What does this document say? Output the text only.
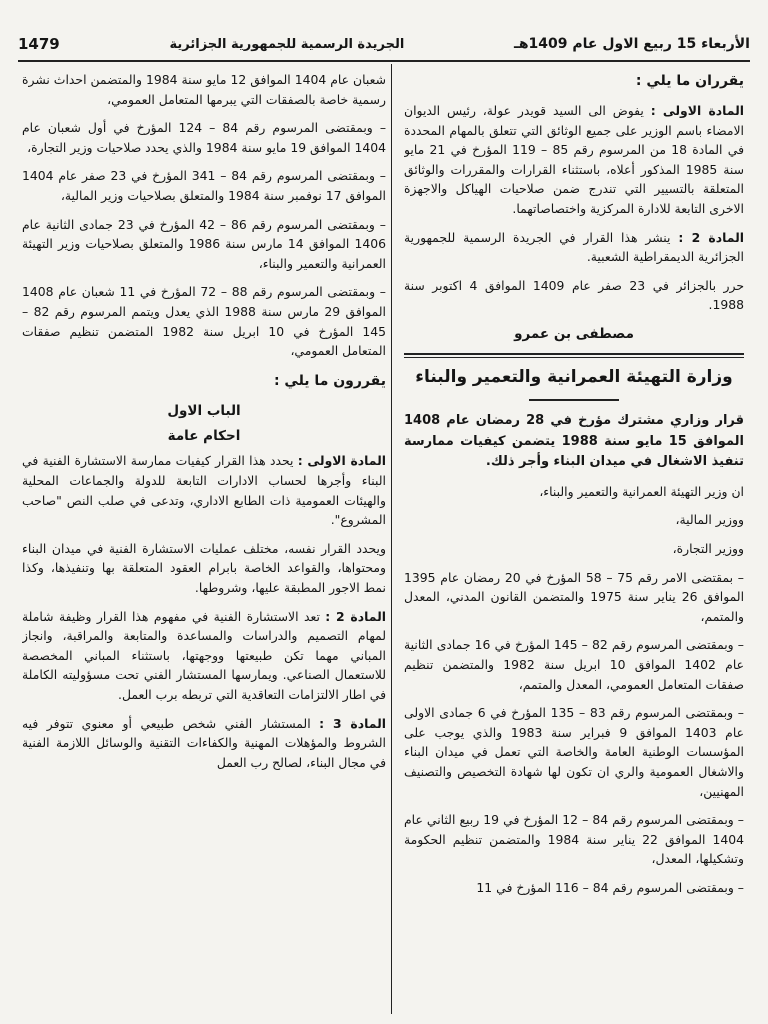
1479	الجريدة الرسمية للجمهورية الجزائرية	الأربعاء 15 ربيع الاول عام 1409هـ

يقرران ما يلي :

المادة الاولى : يفوض الى السيد قويدر عولة، رئيس الديوان الامضاء باسم الوزير على جميع الوثائق التي تتعلق بالمهام المحددة في المادة 18 من المرسوم رقم 85 – 119 المؤرخ في 21 مايو سنة 1985 المذكور أعلاه، باستثناء القرارات والمقررات والوثائق المتعلقة بالتسيير التي تندرج ضمن صلاحيات الهياكل والاجهزة الاخرى التابعة للادارة المركزية واختصاصاتهما.

المادة 2 : ينشر هذا القرار في الجريدة الرسمية للجمهورية الجزائرية الديمقراطية الشعبية.

حرر بالجزائر في 23 صفر عام 1409 الموافق 4 اكتوبر سنة 1988.

مصطفى بن عمرو
وزارة التهيئة العمرانية والتعمير والبناء

قرار وزاري مشترك مؤرخ في 28 رمضان عام 1408 الموافق 15 مايو سنة 1988 يتضمن كيفيات ممارسة تنفيذ الاشغال في ميدان البناء وأجر ذلك.

ان وزير التهيئة العمرانية والتعمير والبناء،

ووزير المالية،

ووزير التجارة،

– بمقتضى الامر رقم 75 – 58 المؤرخ في 20 رمضان عام 1395 الموافق 26 يناير سنة 1975 والمتضمن القانون المدني، المعدل والمتمم،

– وبمقتضى المرسوم رقم 82 – 145 المؤرخ في 16 جمادى الثانية عام 1402 الموافق 10 ابريل سنة 1982 والمتضمن تنظيم صفقات المتعامل العمومي، المعدل والمتمم،

– وبمقتضى المرسوم رقم 83 – 135 المؤرخ في 6 جمادى الاولى عام 1403 الموافق 9 فبراير سنة 1983 والذي يوجب على المؤسسات الوطنية العامة والخاصة التي تعمل في ميدان البناء والاشغال العمومية والري ان تكون لها شهادة التخصيص والتصنيف المهنيين،

– وبمقتضى المرسوم رقم 84 – 12 المؤرخ في 19 ربيع الثاني عام 1404 الموافق 22 يناير سنة 1984 والمتضمن تنظيم الحكومة وتشكيلها، المعدل،

– وبمقتضى المرسوم رقم 84 – 116 المؤرخ في 11

شعبان عام 1404 الموافق 12 مايو سنة 1984 والمتضمن احداث نشرة رسمية خاصة بالصفقات التي يبرمها المتعامل العمومي،

– وبمقتضى المرسوم رقم 84 – 124 المؤرخ في أول شعبان عام 1404 الموافق 19 مايو سنة 1984 والذي يحدد صلاحيات وزير التجارة،

– وبمقتضى المرسوم رقم 84 – 341 المؤرخ في 23 صفر عام 1404 الموافق 17 نوفمبر سنة 1984 والمتعلق بصلاحيات وزير المالية،

– وبمقتضى المرسوم رقم 86 – 42 المؤرخ في 23 جمادى الثانية عام 1406 الموافق 14 مارس سنة 1986 والمتعلق بصلاحيات وزير التهيئة العمرانية والتعمير والبناء،

– وبمقتضى المرسوم رقم 88 – 72 المؤرخ في 11 شعبان عام 1408 الموافق 29 مارس سنة 1988 الذي يعدل ويتمم المرسوم رقم 82 – 145 المؤرخ في 10 ابريل سنة 1982 المتضمن تنظيم صفقات المتعامل العمومي،

يقررون ما يلي :

الباب الاول
احكام عامة

المادة الاولى : يحدد هذا القرار كيفيات ممارسة الاستشارة الفنية في البناء وأجرها لحساب الادارات التابعة للدولة والجماعات المحلية والهيئات العمومية ذات الطابع الاداري، وتدعى في صلب النص "صاحب المشروع".

ويحدد القرار نفسه، مختلف عمليات الاستشارة الفنية في ميدان البناء ومحتواها، والقواعد الخاصة بابرام العقود المتعلقة بها وتنفيذها، وكذا نمط الاجور المطبقة عليها، وشروطها.

المادة 2 : تعد الاستشارة الفنية في مفهوم هذا القرار وظيفة شاملة لمهام التصميم والدراسات والمساعدة والمتابعة والمراقبة، وانجاز المباني مهما تكن طبيعتها ووجهتها، باستثناء المباني المخصصة للاستعمال الصناعي. ويمارسها المستشار الفني تحت مسؤوليته الكاملة في اطار الالتزامات التعاقدية التي تربطه برب العمل.

المادة 3 : المستشار الفني شخص طبيعي أو معنوي تتوفر فيه الشروط والمؤهلات المهنية والكفاءات التقنية والوسائل اللازمة الفنية في مجال البناء، لصالح رب العمل
